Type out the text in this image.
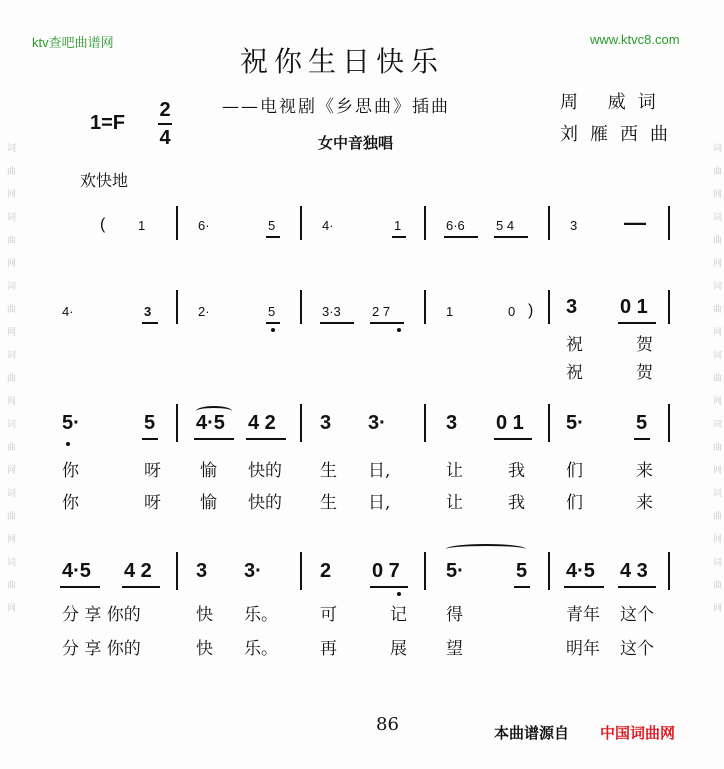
词曲网词曲网词曲网词曲网词曲网词曲网词曲网	词曲网词曲网词曲网词曲网词曲网词曲网词曲网
ktv查吧曲谱网	www.ktvc8.com
祝你生日快乐
——电视剧《乡思曲》插曲	周 威词
刘雁西曲
1=F
2
4	女中音独唱
欢快地
(	1	6·	5	4·	1	6·6 5 4	3 —
4·	3	2·	5	3·3 2 7	1	0 ) 3 0 1
祝	贺
祝	贺
5·	5 4·5 4 2 3 3·	3 0 1 5·	5
你	呀 愉 快的 生 日,	让	我 们	来
你	呀 愉 快的 生 日,	让	我 们	来
4·5 4 2 3 3·	2 0 7 5·	5 4·5 4 3
分 享 你的	快 乐。 可	记 得	青年 这个
分 享 你的	快 乐。 再	展 望	明年 这个
86	本曲谱源自 中国词曲网
